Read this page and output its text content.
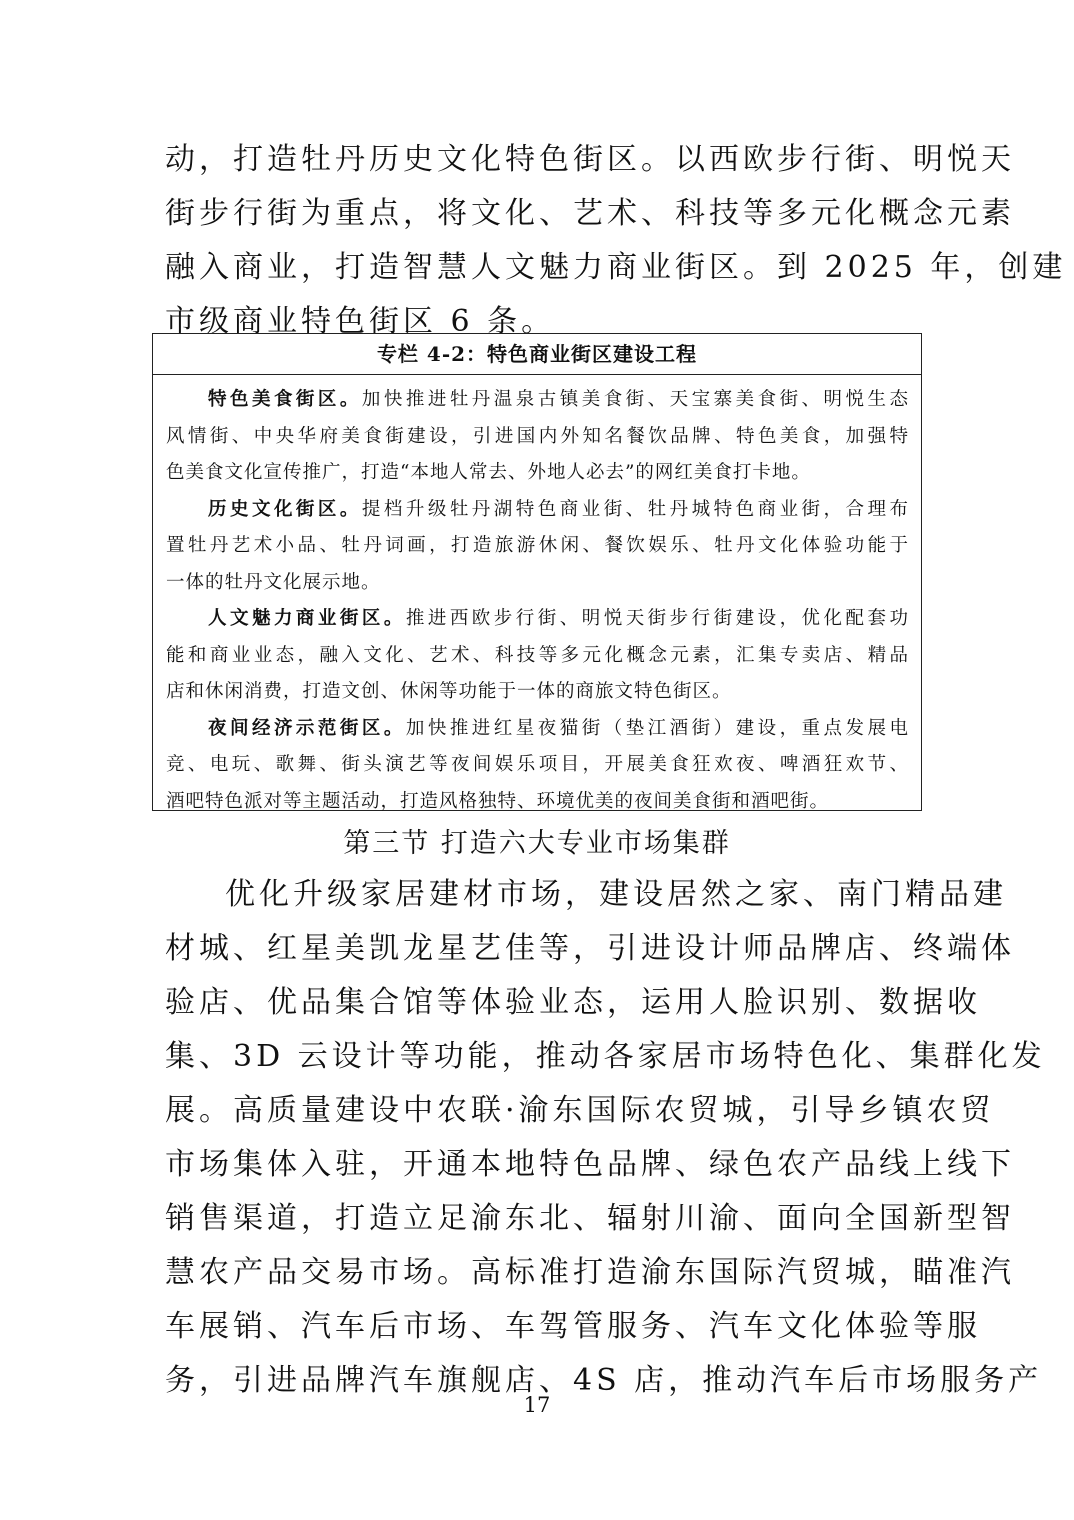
动，打造牡丹历史文化特色街区。以西欧步行街、明悦天
街步行街为重点，将文化、艺术、科技等多元化概念元素
融入商业，打造智慧人文魅力商业街区。到 2025 年，创建
市级商业特色街区 6 条。
专栏 4-2：特色商业街区建设工程
特色美食街区。加快推进牡丹温泉古镇美食街、天宝寨美食街、明悦生态
风情街、中央华府美食街建设，引进国内外知名餐饮品牌、特色美食，加强特
色美食文化宣传推广，打造“本地人常去、外地人必去”的网红美食打卡地。
历史文化街区。提档升级牡丹湖特色商业街、牡丹城特色商业街，合理布
置牡丹艺术小品、牡丹词画，打造旅游休闲、餐饮娱乐、牡丹文化体验功能于
一体的牡丹文化展示地。
人文魅力商业街区。推进西欧步行街、明悦天街步行街建设，优化配套功
能和商业业态，融入文化、艺术、科技等多元化概念元素，汇集专卖店、精品
店和休闲消费，打造文创、休闲等功能于一体的商旅文特色街区。
夜间经济示范街区。加快推进红星夜猫街（垫江酒街）建设，重点发展电
竞、电玩、歌舞、街头演艺等夜间娱乐项目，开展美食狂欢夜、啤酒狂欢节、
酒吧特色派对等主题活动，打造风格独特、环境优美的夜间美食街和酒吧街。
第三节 打造六大专业市场集群
优化升级家居建材市场，建设居然之家、南门精品建
材城、红星美凯龙星艺佳等，引进设计师品牌店、终端体
验店、优品集合馆等体验业态，运用人脸识别、数据收
集、3D 云设计等功能，推动各家居市场特色化、集群化发
展。高质量建设中农联·渝东国际农贸城，引导乡镇农贸
市场集体入驻，开通本地特色品牌、绿色农产品线上线下
销售渠道，打造立足渝东北、辐射川渝、面向全国新型智
慧农产品交易市场。高标准打造渝东国际汽贸城，瞄准汽
车展销、汽车后市场、车驾管服务、汽车文化体验等服
务，引进品牌汽车旗舰店、4S 店，推动汽车后市场服务产
17
